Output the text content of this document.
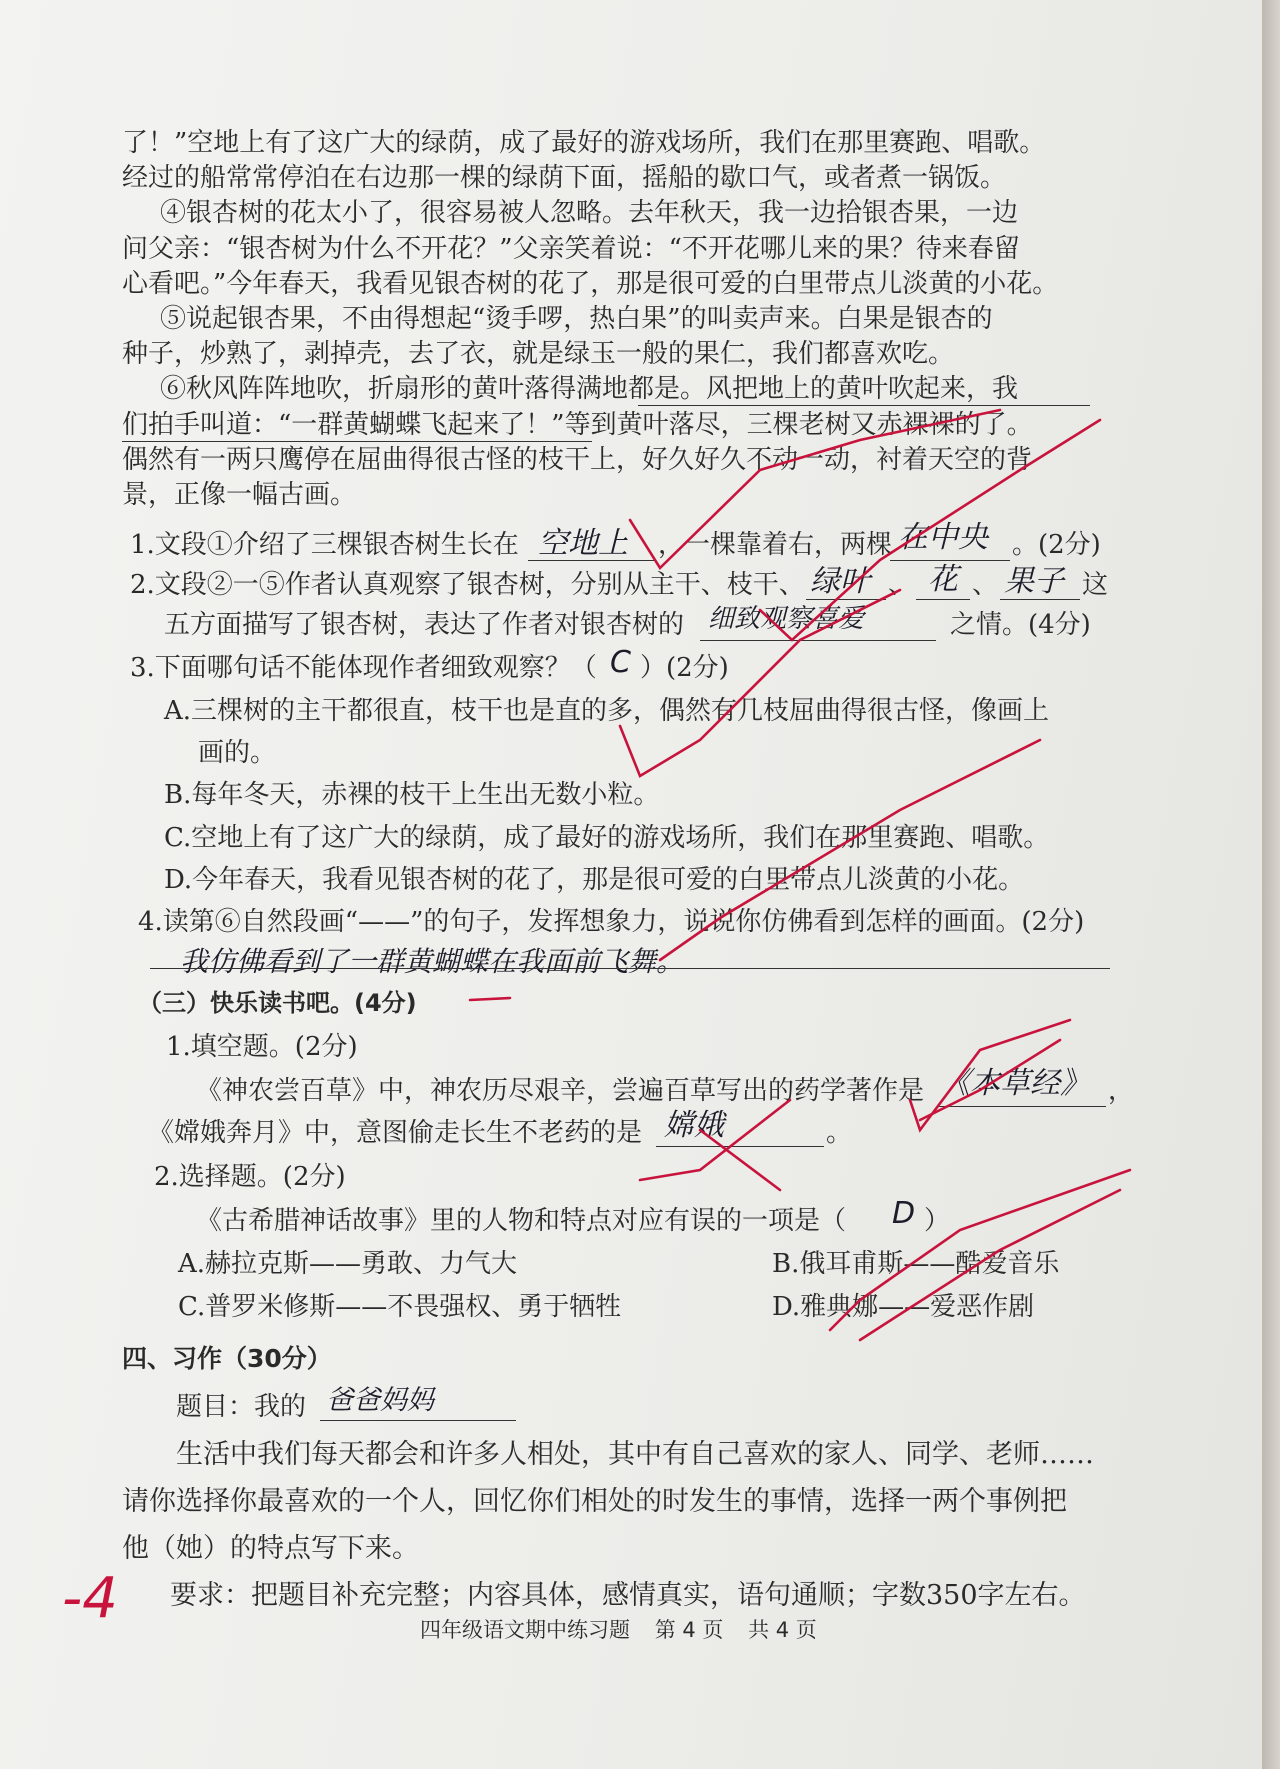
了！”空地上有了这广大的绿荫，成了最好的游戏场所，我们在那里赛跑、唱歌。
经过的船常常停泊在右边那一棵的绿荫下面，摇船的歇口气，或者煮一锅饭。
④银杏树的花太小了，很容易被人忽略。去年秋天，我一边拾银杏果，一边
问父亲：“银杏树为什么不开花？”父亲笑着说：“不开花哪儿来的果？待来春留
心看吧。”今年春天，我看见银杏树的花了，那是很可爱的白里带点儿淡黄的小花。
⑤说起银杏果，不由得想起“烫手啰，热白果”的叫卖声来。白果是银杏的
种子，炒熟了，剥掉壳，去了衣，就是绿玉一般的果仁，我们都喜欢吃。
⑥秋风阵阵地吹，折扇形的黄叶落得满地都是。风把地上的黄叶吹起来，我
们拍手叫道：“一群黄蝴蝶飞起来了！”等到黄叶落尽，三棵老树又赤裸裸的了。
偶然有一两只鹰停在屈曲得很古怪的枝干上，好久好久不动一动，衬着天空的背
景，正像一幅古画。
1.文段①介绍了三棵银杏树生长在 空地上 ，一棵靠着右，两棵 在中央 。(2分)
2.文段②一⑤作者认真观察了银杏树，分别从主干、枝干、 绿叶 、 花 、 果子 这
五方面描写了银杏树，表达了作者对银杏树的 细致观察喜爱	之情。(4分)
3.下面哪句话不能体现作者细致观察？（ C ）(2分)
A.三棵树的主干都很直，枝干也是直的多，偶然有几枝屈曲得很古怪，像画上
画的。
B.每年冬天，赤裸的枝干上生出无数小粒。
C.空地上有了这广大的绿荫，成了最好的游戏场所，我们在那里赛跑、唱歌。
D.今年春天，我看见银杏树的花了，那是很可爱的白里带点儿淡黄的小花。
4.读第⑥自然段画“——”的句子，发挥想象力，说说你仿佛看到怎样的画面。(2分)
我仿佛看到了一群黄蝴蝶在我面前飞舞。
（三）快乐读书吧。(4分)
1.填空题。(2分)
《神农尝百草》中，神农历尽艰辛，尝遍百草写出的药学著作是 《本草经》 ，
《嫦娥奔月》中，意图偷走长生不老药的是 嫦娥	。
2.选择题。(2分)
《古希腊神话故事》里的人物和特点对应有误的一项是（ D ）
A.赫拉克斯——勇敢、力气大	B.俄耳甫斯——酷爱音乐
C.普罗米修斯——不畏强权、勇于牺牲	D.雅典娜——爱恶作剧
四、习作（30分）
题目：我的 爸爸妈妈
生活中我们每天都会和许多人相处，其中有自己喜欢的家人、同学、老师……
请你选择你最喜欢的一个人，回忆你们相处的时发生的事情，选择一两个事例把
他（她）的特点写下来。
要求：把题目补充完整；内容具体，感情真实，语句通顺；字数350字左右。
-4	四年级语文期中练习题 第 4 页 共 4 页
